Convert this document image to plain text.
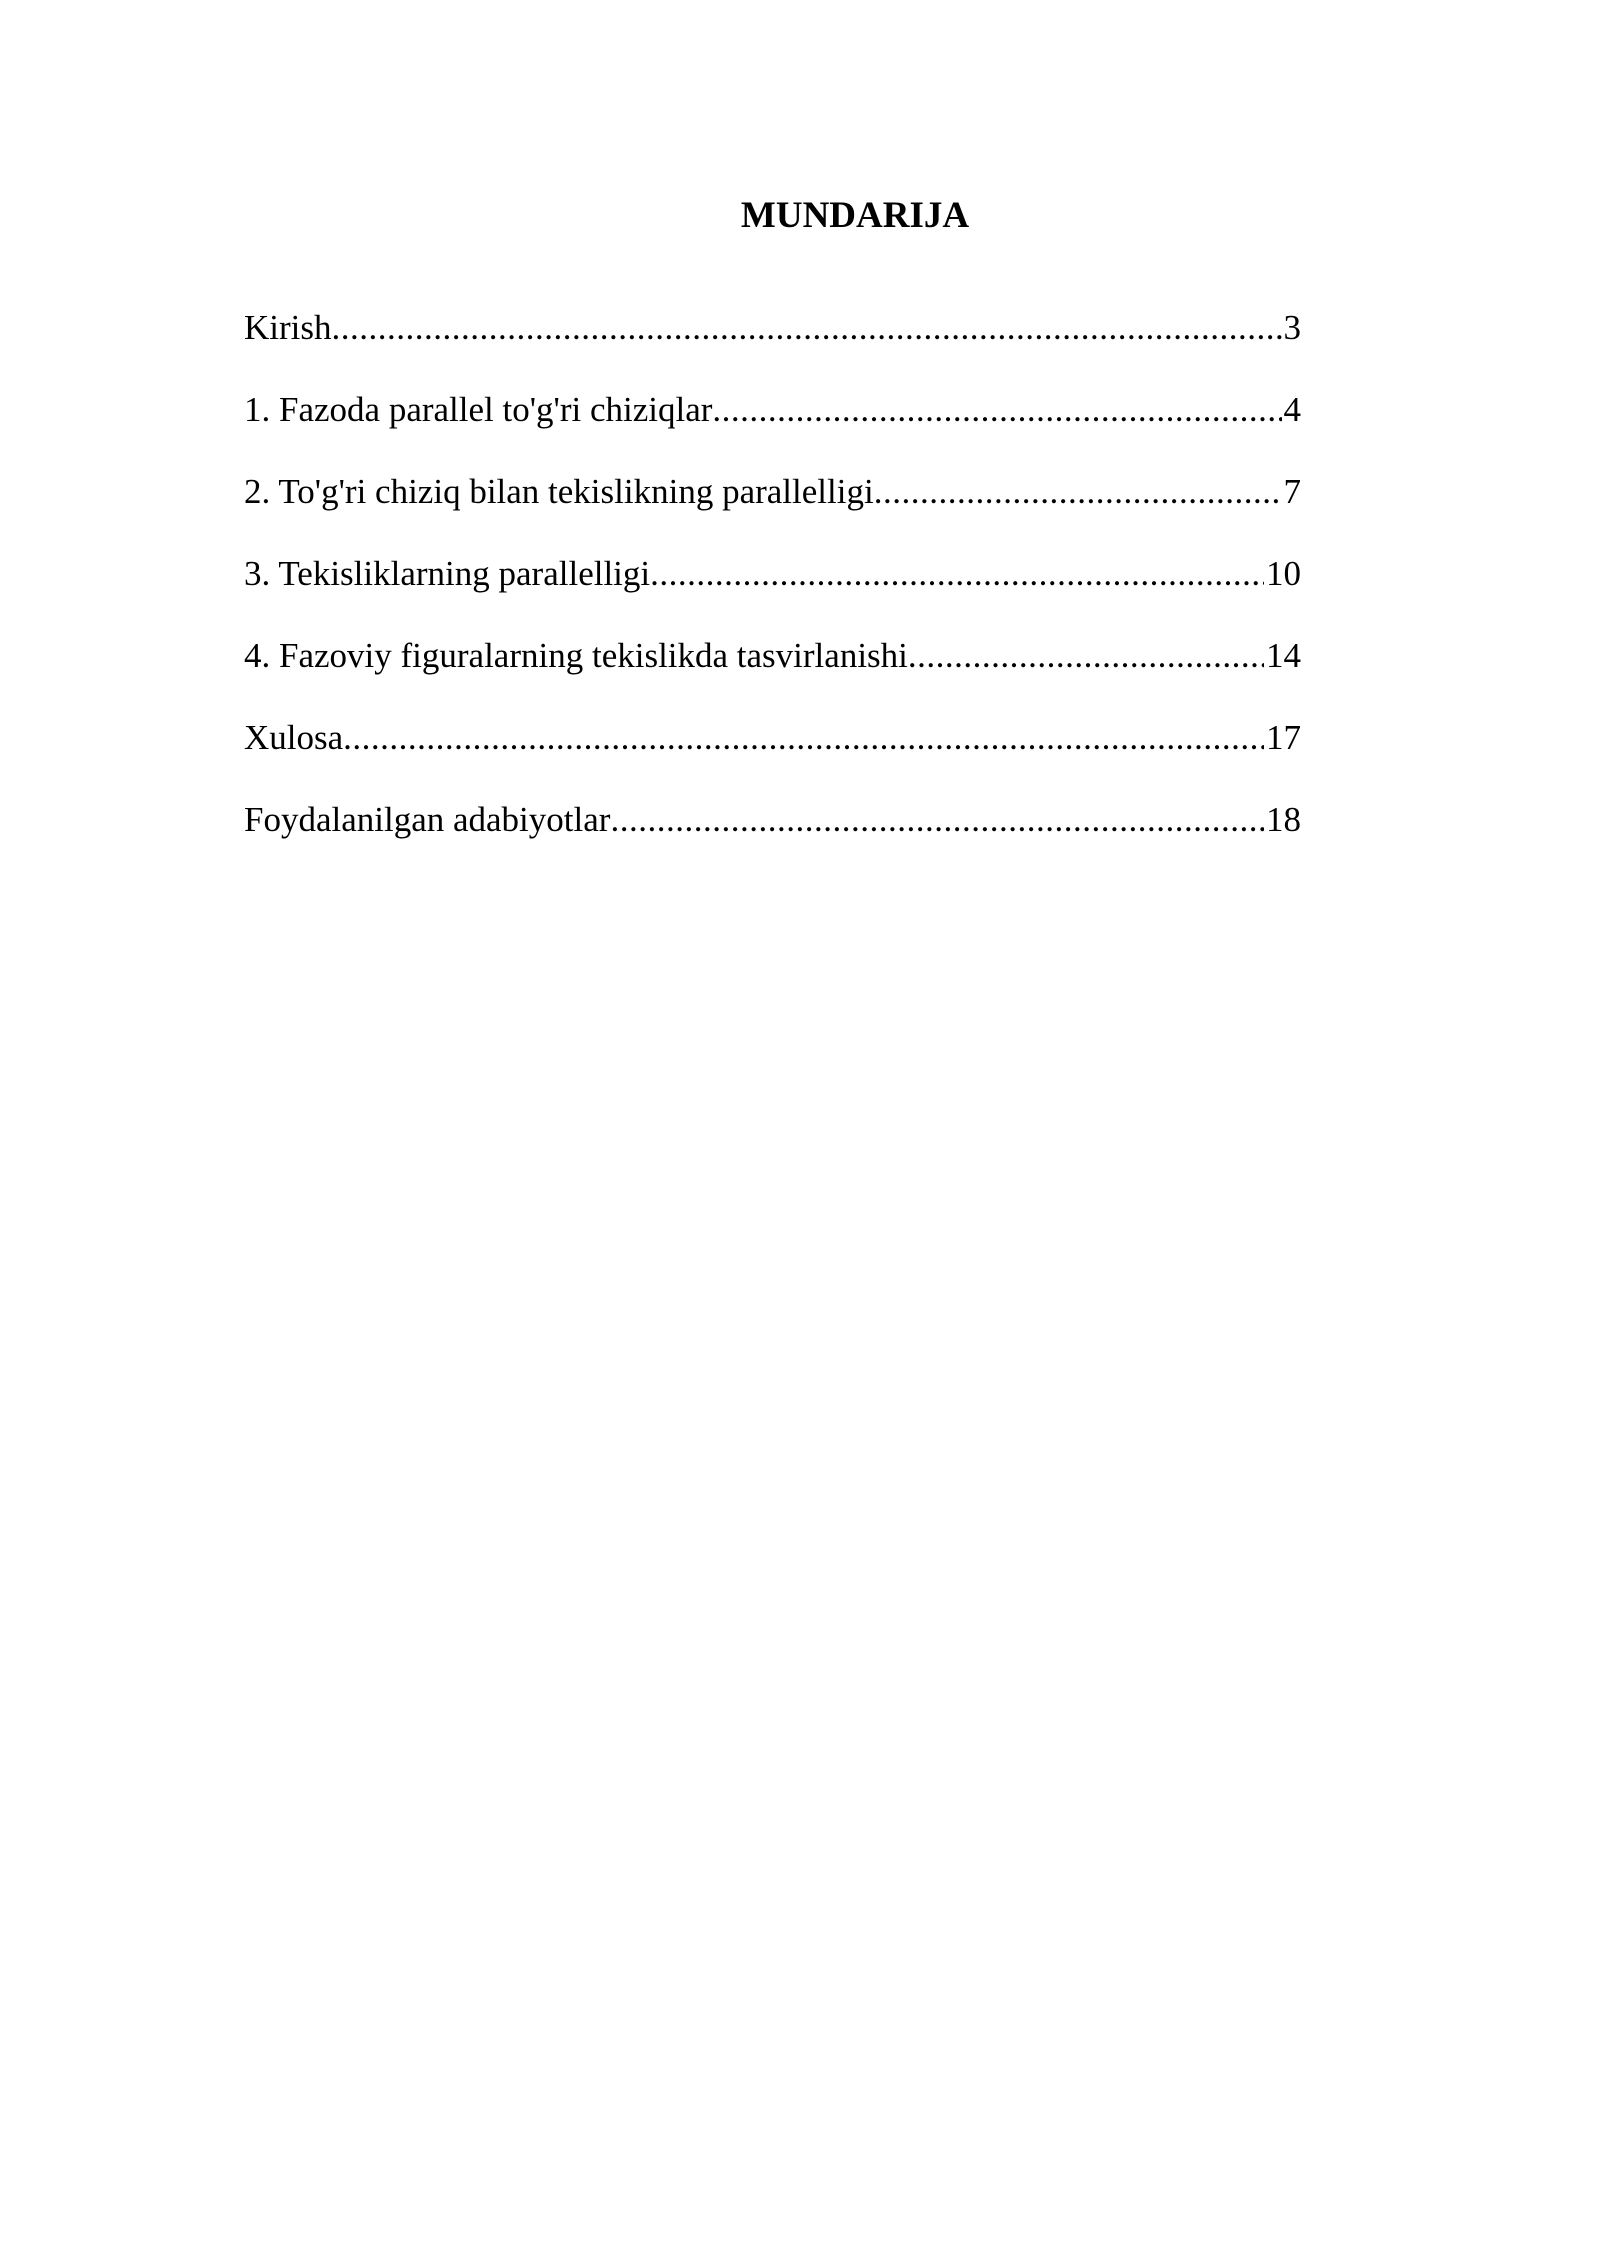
MUNDARIJA
Kirish .....	3
1. Fazoda parallel to'g'ri chiziqlar .....	4
2. To'g'ri chiziq bilan tekislikning parallelligi .....	7
3. Tekisliklarning parallelligi .....	10
4. Fazoviy figuralarning tekislikda tasvirlanishi .....	14
Xulosa .....	17
Foydalanilgan adabiyotlar .....	18
